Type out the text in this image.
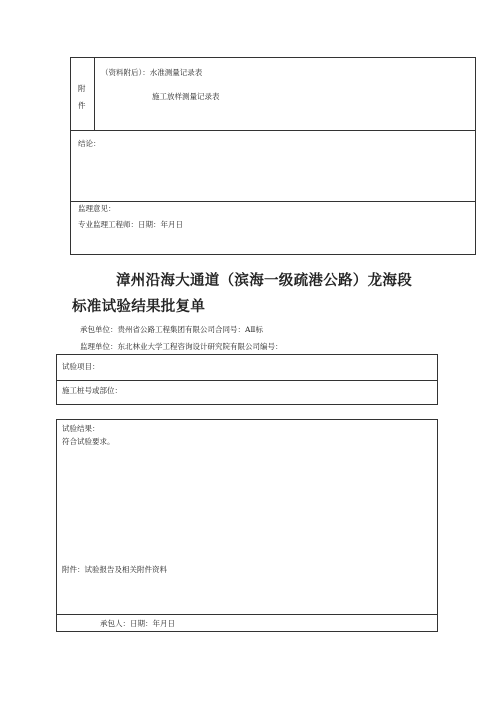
附
件
（资料附后）：水准测量记录表
施工放样测量记录表
结论：
监理意见：
专业监理工程师：日期：年月日
漳州沿海大通道（滨海一级疏港公路）龙海段
标准试验结果批复单
承包单位：贵州省公路工程集团有限公司合同号：AⅡ标
监理单位：东北林业大学工程咨询设计研究院有限公司编号：
试验项目：
施工桩号或部位：
试验结果：
符合试验要求。
附件：试验报告及相关附件资料
承包人：日期：年月日
